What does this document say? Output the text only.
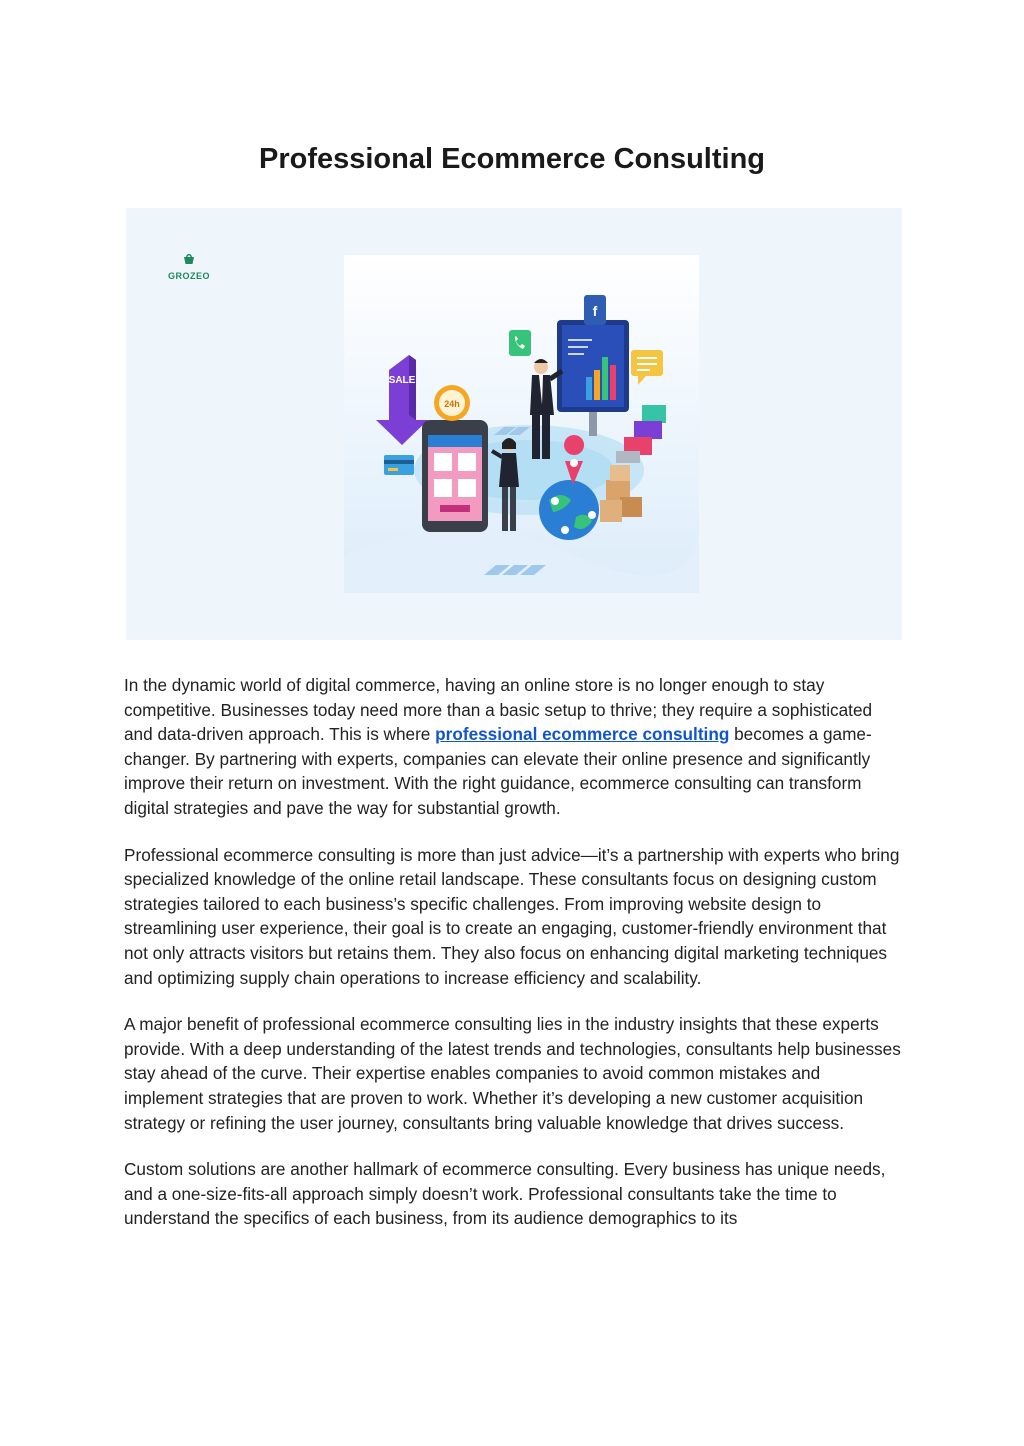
Professional Ecommerce Consulting
GROZEO
SALE
24h
f

In the dynamic world of digital commerce, having an online store is no longer enough to stay competitive. Businesses today need more than a basic setup to thrive; they require a sophisticated and data-driven approach. This is where professional ecommerce consulting becomes a game-changer. By partnering with experts, companies can elevate their online presence and significantly improve their return on investment. With the right guidance, ecommerce consulting can transform digital strategies and pave the way for substantial growth.

Professional ecommerce consulting is more than just advice—it’s a partnership with experts who bring specialized knowledge of the online retail landscape. These consultants focus on designing custom strategies tailored to each business’s specific challenges. From improving website design to streamlining user experience, their goal is to create an engaging, customer-friendly environment that not only attracts visitors but retains them. They also focus on enhancing digital marketing techniques and optimizing supply chain operations to increase efficiency and scalability.

A major benefit of professional ecommerce consulting lies in the industry insights that these experts provide. With a deep understanding of the latest trends and technologies, consultants help businesses stay ahead of the curve. Their expertise enables companies to avoid common mistakes and implement strategies that are proven to work. Whether it’s developing a new customer acquisition strategy or refining the user journey, consultants bring valuable knowledge that drives success.

Custom solutions are another hallmark of ecommerce consulting. Every business has unique needs, and a one-size-fits-all approach simply doesn’t work. Professional consultants take the time to understand the specifics of each business, from its audience demographics to its
